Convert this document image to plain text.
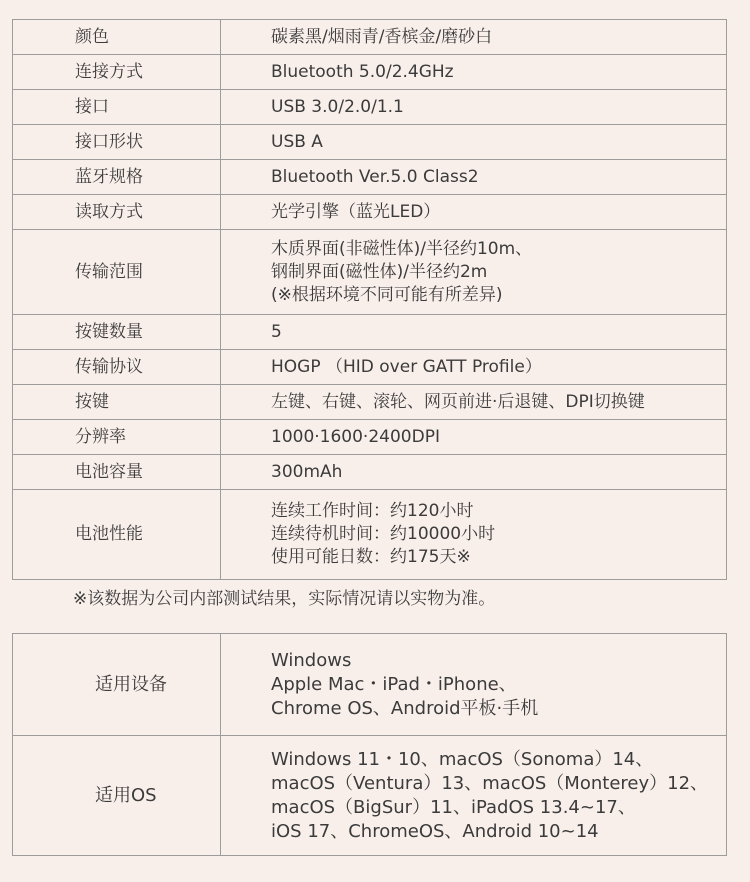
颜色	碳素黑/烟雨青/香槟金/磨砂白

连接方式	Bluetooth 5.0/2.4GHz

接口	USB 3.0/2.0/1.1

接口形状	USB A

蓝牙规格	Bluetooth Ver.5.0 Class2

读取方式	光学引擎（蓝光LED）

传输范围	木质界面(非磁性体)/半径约10m、
钢制界面(磁性体)/半径约2m
(※根据环境不同可能有所差异)

按键数量	5

传输协议	HOGP （HID over GATT Profile）

按键	左键、右键、滚轮、网页前进·后退键、DPI切换键

分辨率	1000·1600·2400DPI

电池容量	300mAh

电池性能	连续工作时间：约120小时
连续待机时间：约10000小时
使用可能日数：约175天※
※该数据为公司内部测试结果，实际情况请以实物为准。
适用设备	Windows
Apple Mac・iPad・iPhone、
Chrome OS、Android平板·手机

适用OS	Windows 11・10、macOS（Sonoma）14、
macOS（Ventura）13、macOS（Monterey）12、
macOS（BigSur）11、iPadOS 13.4~17、
iOS 17、ChromeOS、Android 10~14
